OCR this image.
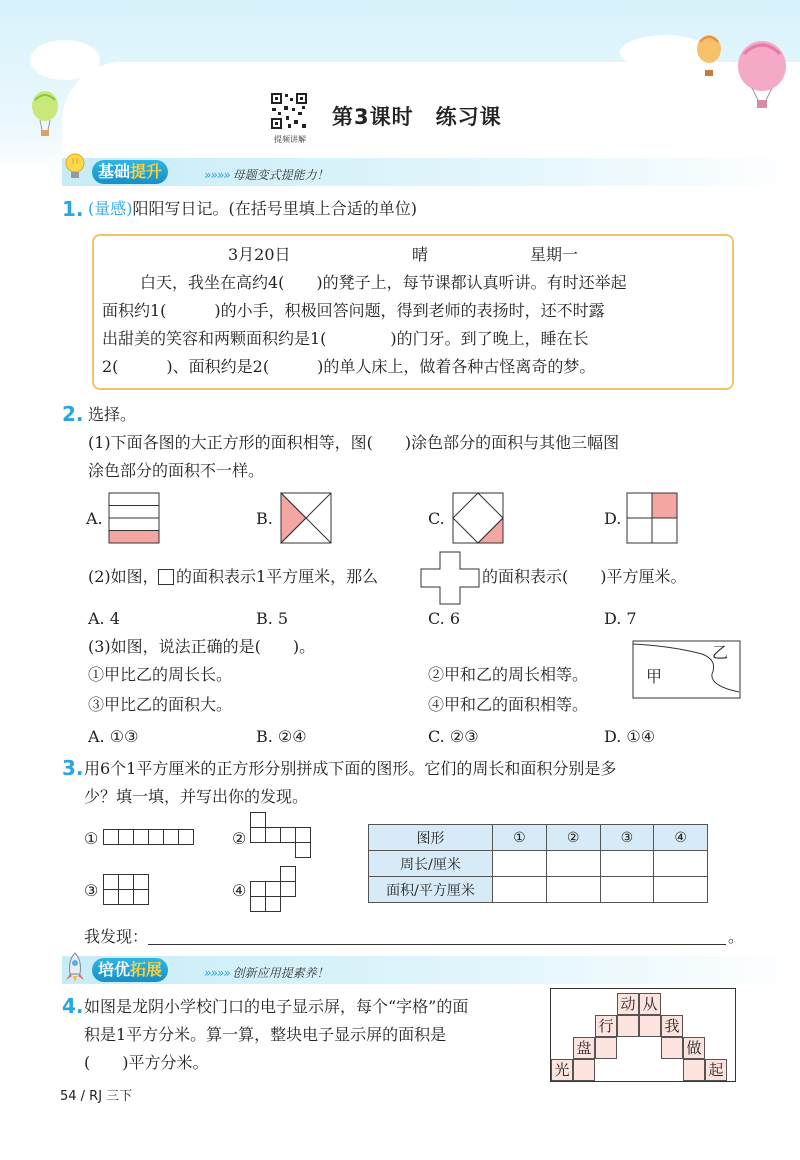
提频讲解
第3课时　练习课
基础提升	»»»» 母题变式提能力！
1. (量感)阳阳写日记。(在括号里填上合适的单位)
3月20日	晴	星期一
白天，我坐在高约4(　　)的凳子上，每节课都认真听讲。有时还举起
面积约1(　　　)的小手，积极回答问题，得到老师的表扬时，还不时露
出甜美的笑容和两颗面积约是1(　　　　)的门牙。到了晚上，睡在长
2(　　　)、面积约是2(　　　)的单人床上，做着各种古怪离奇的梦。
2. 选择。
(1)下面各图的大正方形的面积相等，图(　　)涂色部分的面积与其他三幅图
涂色部分的面积不一样。
A.	B.	C.	D.
(2)如图， 的面积表示1平方厘米，那么	的面积表示(　　)平方厘米。
A. 4	B. 5	C. 6	D. 7
(3)如图，说法正确的是(　　)。
①甲比乙的周长长。	②甲和乙的周长相等。
③甲比乙的面积大。	④甲和乙的面积相等。
甲
乙
A. ①③	B. ②④	C. ②③	D. ①④
3. 用6个1平方厘米的正方形分别拼成下面的图形。它们的周长和面积分别是多
少？填一填，并写出你的发现。
①	②
③	④
图形	①	②	③	④
周长/厘米				
面积/平方厘米				
我发现：	。
培优拓展	»»»» 创新应用提素养！
4. 如图是龙阴小学校门口的电子显示屏，每个“字格”的面
积是1平方分米。算一算，整块电子显示屏的面积是
(　　)平方分米。	光
盘
行
动 从
我
做
起
54 / RJ 三下
